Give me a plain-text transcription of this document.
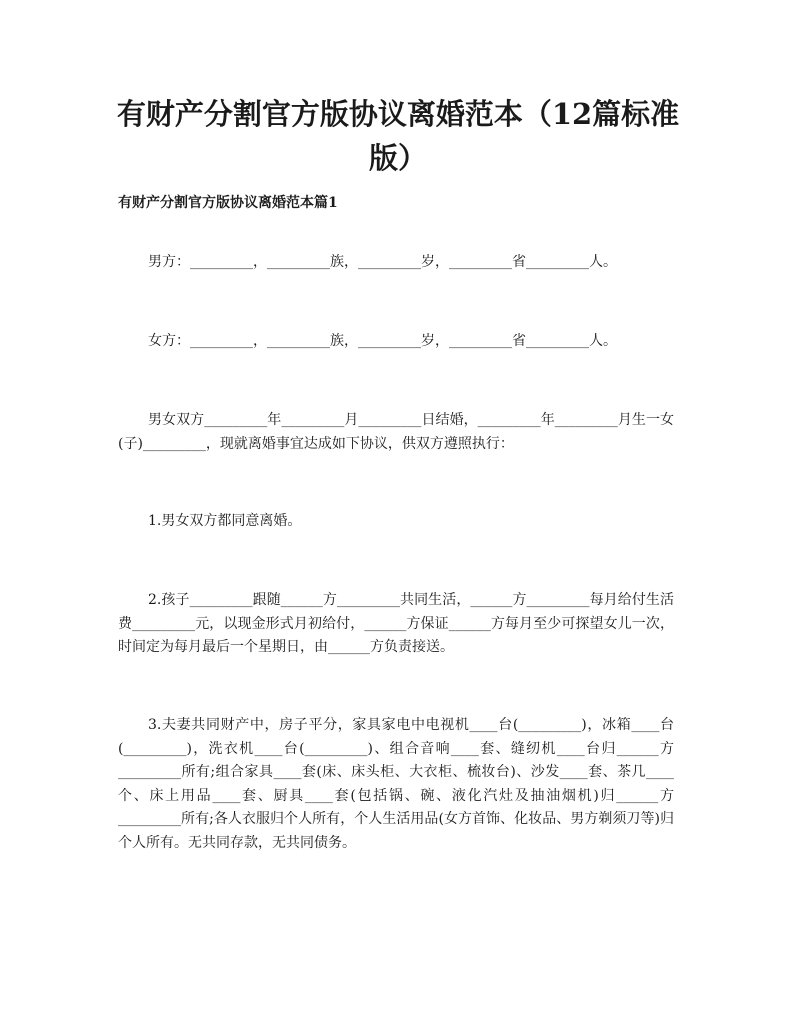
有财产分割官方版协议离婚范本（12篇标准版）
有财产分割官方版协议离婚范本篇1

男方：_________，_________族，_________岁，_________省_________人。

女方：_________，_________族，_________岁，_________省_________人。

男女双方_________年_________月_________日结婚，_________年_________月生一女(子)_________，现就离婚事宜达成如下协议，供双方遵照执行：

1.男女双方都同意离婚。

2.孩子_________跟随______方_________共同生活，______方_________每月给付生活费_________元，以现金形式月初给付，______方保证______方每月至少可探望女儿一次，时间定为每月最后一个星期日，由______方负责接送。

3.夫妻共同财产中，房子平分，家具家电中电视机____台(_________)，冰箱____台(_________)，洗衣机____台(_________)、组合音响____套、缝纫机____台归______方_________所有;组合家具____套(床、床头柜、大衣柜、梳妆台)、沙发____套、茶几____个、床上用品____套、厨具____套(包括锅、碗、液化汽灶及抽油烟机)归______方_________所有;各人衣服归个人所有，个人生活用品(女方首饰、化妆品、男方剃须刀等)归个人所有。无共同存款，无共同债务。
